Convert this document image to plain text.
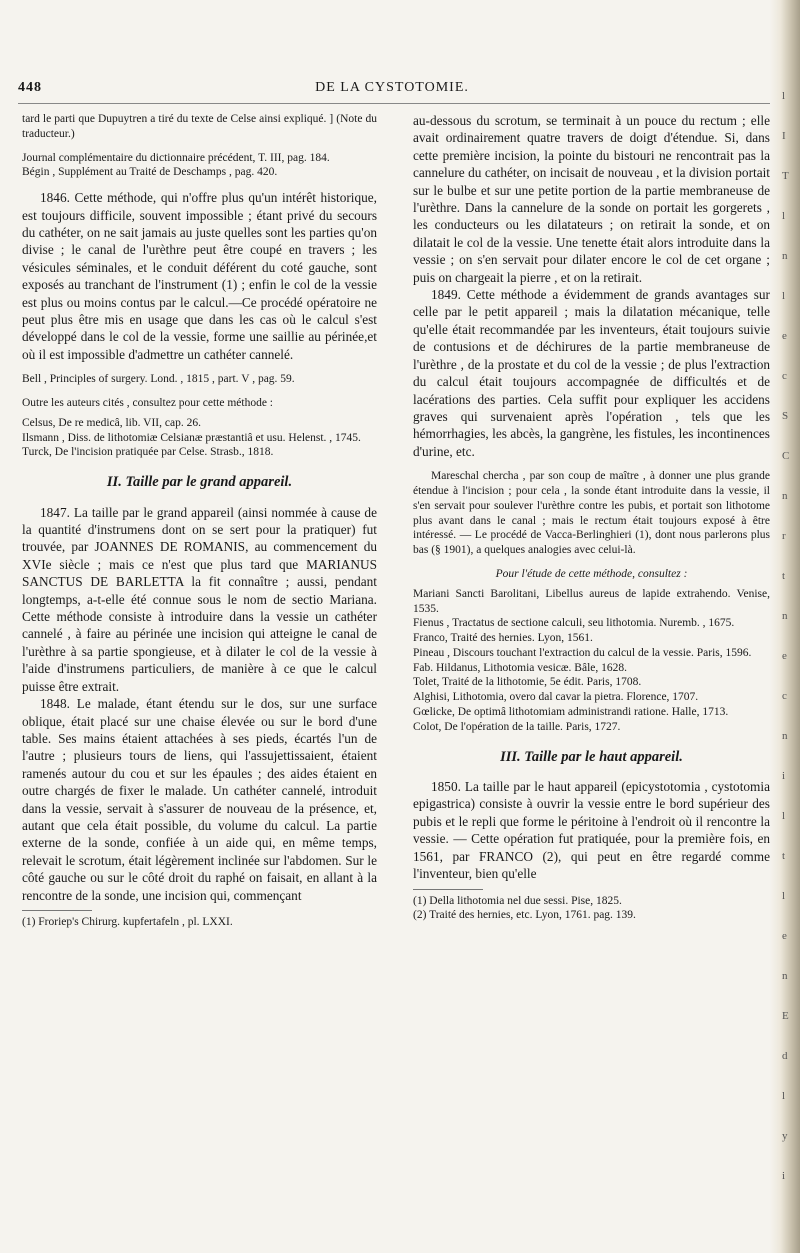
448	DE LA CYSTOTOMIE.

tard le parti que Dupuytren a tiré du texte de Celse ainsi expliqué. ] (Note du traducteur.)

Journal complémentaire du dictionnaire précédent, T. III, pag. 184.

Bégin , Supplément au Traité de Deschamps , pag. 420.

1846. Cette méthode, qui n'offre plus qu'un intérêt historique, est toujours difficile, souvent impossible ; étant privé du secours du cathéter, on ne sait jamais au juste quelles sont les parties qu'on divise ; le canal de l'urèthre peut être coupé en travers ; les vésicules séminales, et le conduit déférent du coté gauche, sont exposés au tranchant de l'instrument (1) ; enfin le col de la vessie est plus ou moins contus par le calcul.—Ce procédé opératoire ne peut plus être mis en usage que dans les cas où le calcul s'est développé dans le col de la vessie, forme une saillie au périnée,et où il est impossible d'admettre un cathéter cannelé.

Bell , Principles of surgery. Lond. , 1815 , part. V , pag. 59.

Outre les auteurs cités , consultez pour cette méthode :

Celsus, De re medicâ, lib. VII, cap. 26.

Ilsmann , Diss. de lithotomiæ Celsianæ præstantiâ et usu. Helenst. , 1745.

Turck, De l'incision pratiquée par Celse. Strasb., 1818.

II. Taille par le grand appareil.

1847. La taille par le grand appareil (ainsi nommée à cause de la quantité d'instrumens dont on se sert pour la pratiquer) fut trouvée, par JOANNES DE ROMANIS, au commencement du XVIe siècle ; mais ce n'est que plus tard que MARIANUS SANCTUS DE BARLETTA la fit connaître ; aussi, pendant longtemps, a-t-elle été connue sous le nom de sectio Mariana. Cette méthode consiste à introduire dans la vessie un cathéter cannelé , à faire au périnée une incision qui atteigne le canal de l'urèthre à sa partie spongieuse, et à dilater le col de la vessie à l'aide d'instrumens particuliers, de manière à ce que le calcul puisse être extrait.

1848. Le malade, étant étendu sur le dos, sur une surface oblique, était placé sur une chaise élevée ou sur le bord d'une table. Ses mains étaient attachées à ses pieds, écartés l'un de l'autre ; plusieurs tours de liens, qui l'assujettissaient, étaient ramenés autour du cou et sur les épaules ; des aides étaient en outre chargés de fixer le malade. Un cathéter cannelé, introduit dans la vessie, servait à s'assurer de nouveau de la présence, et, autant que cela était possible, du volume du calcul. La partie externe de la sonde, confiée à un aide qui, en même temps, relevait le scrotum, était légèrement inclinée sur l'abdomen. Sur le côté gauche ou sur le côté droit du raphé on faisait, en allant à la rencontre de la sonde, une incision qui, commençant

(1) Froriep's Chirurg. kupfertafeln , pl. LXXI.

au-dessous du scrotum, se terminait à un pouce du rectum ; elle avait ordinairement quatre travers de doigt d'étendue. Si, dans cette première incision, la pointe du bistouri ne rencontrait pas la cannelure du cathéter, on incisait de nouveau , et la division portait sur le bulbe et sur une petite portion de la partie membraneuse de l'urèthre. Dans la cannelure de la sonde on portait les gorgerets , les conducteurs ou les dilatateurs ; on retirait la sonde, et on dilatait le col de la vessie. Une tenette était alors introduite dans la vessie ; on s'en servait pour dilater encore le col de cet organe ; puis on chargeait la pierre , et on la retirait.

1849. Cette méthode a évidemment de grands avantages sur celle par le petit appareil ; mais la dilatation mécanique, telle qu'elle était recommandée par les inventeurs, était toujours suivie de contusions et de déchirures de la partie membraneuse de l'urèthre , de la prostate et du col de la vessie ; de plus l'extraction du calcul était toujours accompagnée de difficultés et de lacérations des parties. Cela suffit pour expliquer les accidens graves qui survenaient après l'opération , tels que les hémorrhagies, les abcès, la gangrène, les fistules, les incontinences d'urine, etc.

Mareschal chercha , par son coup de maître , à donner une plus grande étendue à l'incision ; pour cela , la sonde étant introduite dans la vessie, il s'en servait pour soulever l'urèthre contre les pubis, et portait son lithotome plus avant dans le canal ; mais le rectum était toujours exposé à être intéressé. — Le procédé de Vacca-Berlinghieri (1), dont nous parlerons plus bas (§ 1901), a quelques analogies avec celui-là.

Pour l'étude de cette méthode, consultez :

Mariani Sancti Barolitani, Libellus aureus de lapide extrahendo. Venise, 1535.

Fienus , Tractatus de sectione calculi, seu lithotomia. Nuremb. , 1675.

Franco, Traité des hernies. Lyon, 1561.

Pineau , Discours touchant l'extraction du calcul de la vessie. Paris, 1596.

Fab. Hildanus, Lithotomia vesicæ. Bâle, 1628.

Tolet, Traité de la lithotomie, 5e édit. Paris, 1708.

Alghisi, Lithotomia, overo dal cavar la pietra. Florence, 1707.

Gœlicke, De optimâ lithotomiam administrandi ratione. Halle, 1713.

Colot, De l'opération de la taille. Paris, 1727.

III. Taille par le haut appareil.

1850. La taille par le haut appareil (epicystotomia , cystotomia epigastrica) consiste à ouvrir la vessie entre le bord supérieur des pubis et le repli que forme le péritoine à l'endroit où il rencontre la vessie. — Cette opération fut pratiquée, pour la première fois, en 1561, par FRANCO (2), qui peut en être regardé comme l'inventeur, bien qu'elle

(1) Della lithotomia nel due sessi. Pise, 1825.

(2) Traité des hernies, etc. Lyon, 1761. pag. 139.

l
I
T
l
n
l
e
c
S
C
n
r
t
n
e
c
n
i
l
t
l
e
n
E
d
l
y
i
